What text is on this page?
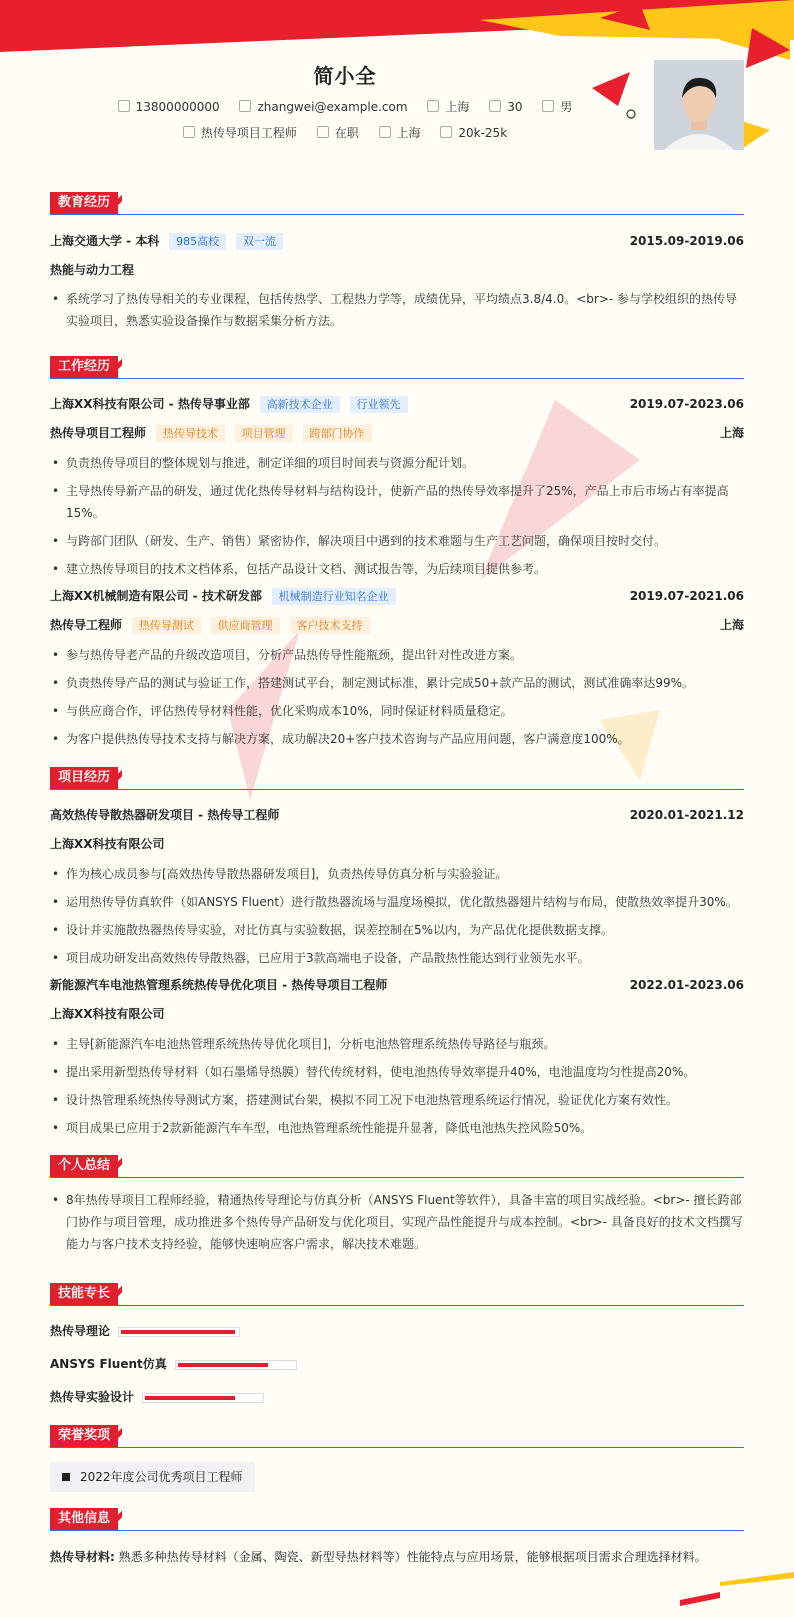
简小全
13800000000	zhangwei@example.com	上海	30	男
热传导项目工程师	在职	上海	20k-25k
教育经历
上海交通大学 - 本科 985高校 双一流	2015.09-2019.06
热能与动力工程
• 系统学习了热传导相关的专业课程，包括传热学、工程热力学等，成绩优异，平均绩点3.8/4.0。<br>- 参与学校组织的热传导实验项目，熟悉实验设备操作与数据采集分析方法。
工作经历
上海XX科技有限公司 - 热传导事业部 高新技术企业 行业领先	2019.07-2023.06
热传导项目工程师 热传导技术 项目管理 跨部门协作	上海
• 负责热传导项目的整体规划与推进，制定详细的项目时间表与资源分配计划。
• 主导热传导新产品的研发，通过优化热传导材料与结构设计，使新产品的热传导效率提升了25%，产品上市后市场占有率提高15%。
• 与跨部门团队（研发、生产、销售）紧密协作，解决项目中遇到的技术难题与生产工艺问题，确保项目按时交付。
• 建立热传导项目的技术文档体系，包括产品设计文档、测试报告等，为后续项目提供参考。
上海XX机械制造有限公司 - 技术研发部 机械制造行业知名企业	2019.07-2021.06
热传导工程师 热传导测试 供应商管理 客户技术支持	上海
• 参与热传导老产品的升级改造项目，分析产品热传导性能瓶颈，提出针对性改进方案。
• 负责热传导产品的测试与验证工作，搭建测试平台，制定测试标准，累计完成50+款产品的测试，测试准确率达99%。
• 与供应商合作，评估热传导材料性能，优化采购成本10%，同时保证材料质量稳定。
• 为客户提供热传导技术支持与解决方案，成功解决20+客户技术咨询与产品应用问题，客户满意度100%。
项目经历
高效热传导散热器研发项目 - 热传导工程师	2020.01-2021.12
上海XX科技有限公司
• 作为核心成员参与[高效热传导散热器研发项目]，负责热传导仿真分析与实验验证。
• 运用热传导仿真软件（如ANSYS Fluent）进行散热器流场与温度场模拟，优化散热器翅片结构与布局，使散热效率提升30%。
• 设计并实施散热器热传导实验，对比仿真与实验数据，误差控制在5%以内，为产品优化提供数据支撑。
• 项目成功研发出高效热传导散热器，已应用于3款高端电子设备，产品散热性能达到行业领先水平。
新能源汽车电池热管理系统热传导优化项目 - 热传导项目工程师	2022.01-2023.06
上海XX科技有限公司
• 主导[新能源汽车电池热管理系统热传导优化项目]，分析电池热管理系统热传导路径与瓶颈。
• 提出采用新型热传导材料（如石墨烯导热膜）替代传统材料，使电池热传导效率提升40%，电池温度均匀性提高20%。
• 设计热管理系统热传导测试方案，搭建测试台架，模拟不同工况下电池热管理系统运行情况，验证优化方案有效性。
• 项目成果已应用于2款新能源汽车车型，电池热管理系统性能提升显著，降低电池热失控风险50%。
个人总结
• 8年热传导项目工程师经验，精通热传导理论与仿真分析（ANSYS Fluent等软件），具备丰富的项目实战经验。<br>- 擅长跨部门协作与项目管理，成功推进多个热传导产品研发与优化项目，实现产品性能提升与成本控制。<br>- 具备良好的技术文档撰写能力与客户技术支持经验，能够快速响应客户需求，解决技术难题。
技能专长
热传导理论
ANSYS Fluent仿真
热传导实验设计
荣誉奖项
2022年度公司优秀项目工程师
其他信息
热传导材料: 熟悉多种热传导材料（金属、陶瓷、新型导热材料等）性能特点与应用场景，能够根据项目需求合理选择材料。
